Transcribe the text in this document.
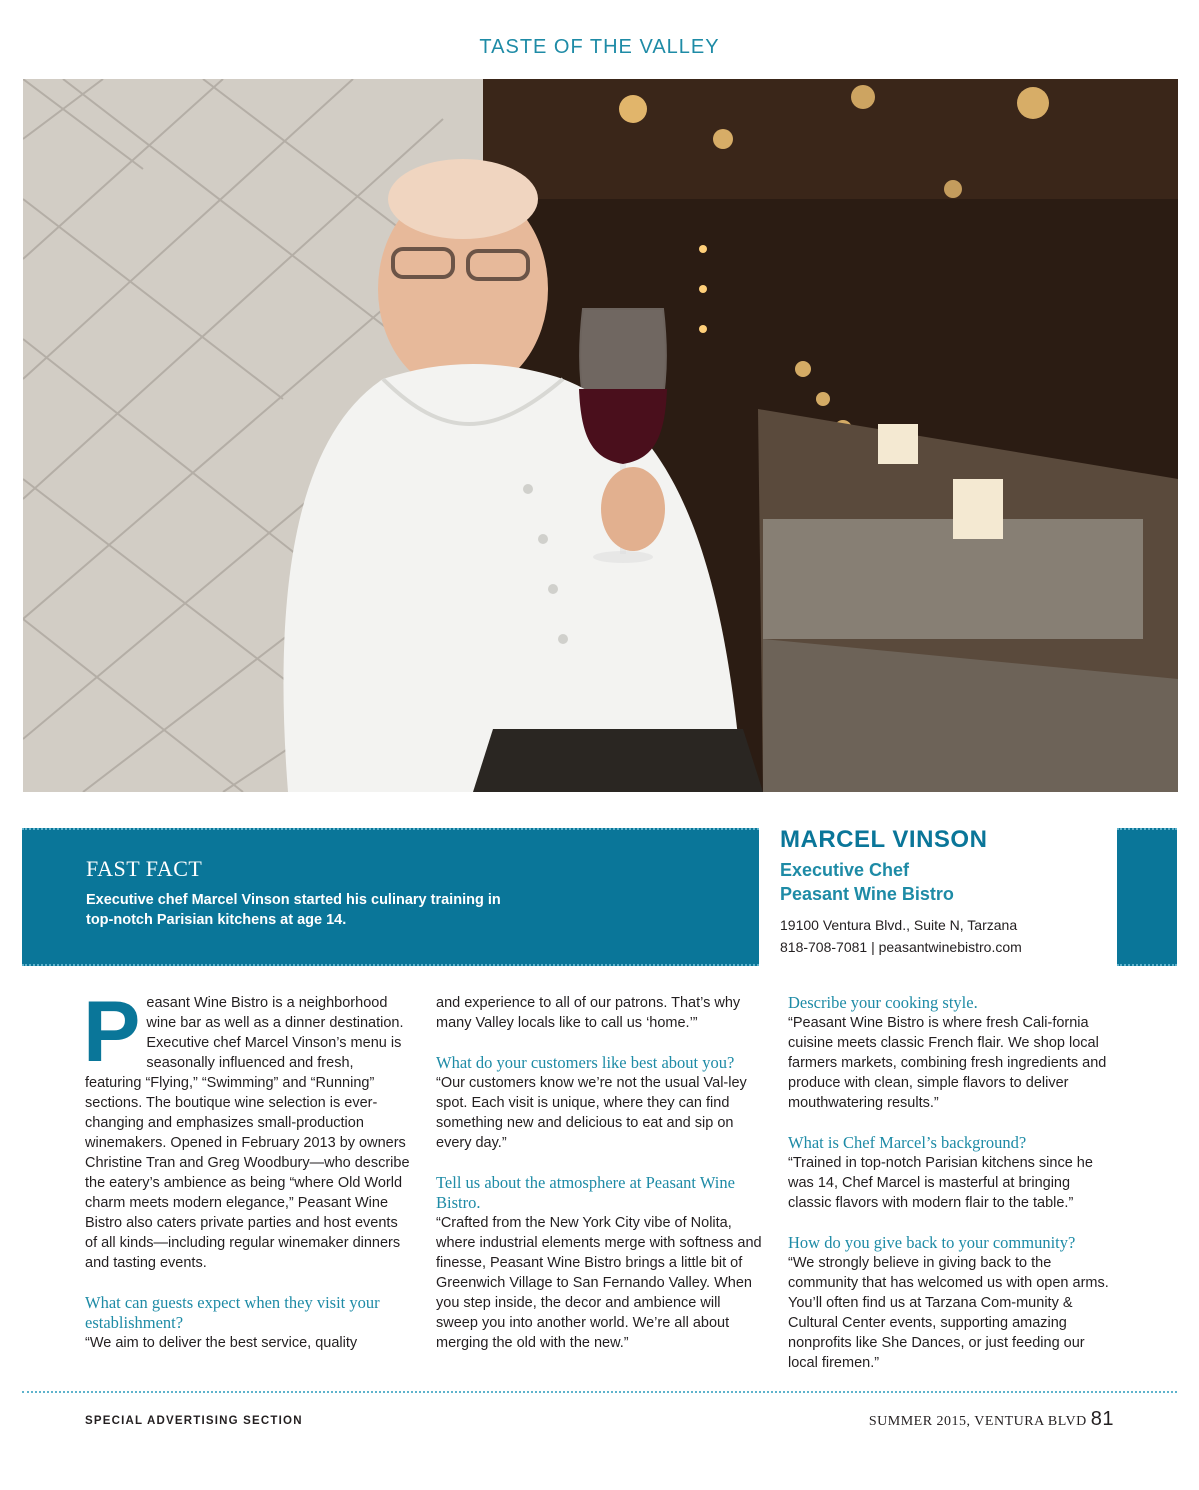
TASTE OF THE VALLEY
FAST FACT
Executive chef Marcel Vinson started his culinary training in top-notch Parisian kitchens at age 14.
MARCEL VINSON
Executive Chef
Peasant Wine Bistro
19100 Ventura Blvd., Suite N, Tarzana
818-708-7081 | peasantwinebistro.com

Peasant Wine Bistro is a neighborhood wine bar as well as a dinner destination. Executive chef Marcel Vinson’s menu is seasonally influenced and fresh, featuring “Flying,” “Swimming” and “Running” sections. The boutique wine selection is ever-changing and emphasizes small-production winemakers. Opened in February 2013 by owners Christine Tran and Greg Woodbury—who describe the eatery’s ambience as being “where Old World charm meets modern elegance,” Peasant Wine Bistro also caters private parties and host events of all kinds—including regular winemaker dinners and tasting events.

What can guests expect when they visit your establishment?

“We aim to deliver the best service, quality

and experience to all of our patrons. That’s why many Valley locals like to call us ‘home.’”

What do your customers like best about you?

“Our customers know we’re not the usual Val-ley spot. Each visit is unique, where they can find something new and delicious to eat and sip on every day.”

Tell us about the atmosphere at Peasant Wine Bistro.

“Crafted from the New York City vibe of Nolita, where industrial elements merge with softness and finesse, Peasant Wine Bistro brings a little bit of Greenwich Village to San Fernando Valley. When you step inside, the decor and ambience will sweep you into another world. We’re all about merging the old with the new.”

Describe your cooking style.

“Peasant Wine Bistro is where fresh Cali-fornia cuisine meets classic French flair. We shop local farmers markets, combining fresh ingredients and produce with clean, simple flavors to deliver mouthwatering results.”

What is Chef Marcel’s background?

“Trained in top-notch Parisian kitchens since he was 14, Chef Marcel is masterful at bringing classic flavors with modern flair to the table.”

How do you give back to your community?

“We strongly believe in giving back to the community that has welcomed us with open arms. You’ll often find us at Tarzana Com-munity & Cultural Center events, supporting amazing nonprofits like She Dances, or just feeding our local firemen.”

SPECIAL ADVERTISING SECTION	SUMMER 2015, VENTURA BLVD 81
